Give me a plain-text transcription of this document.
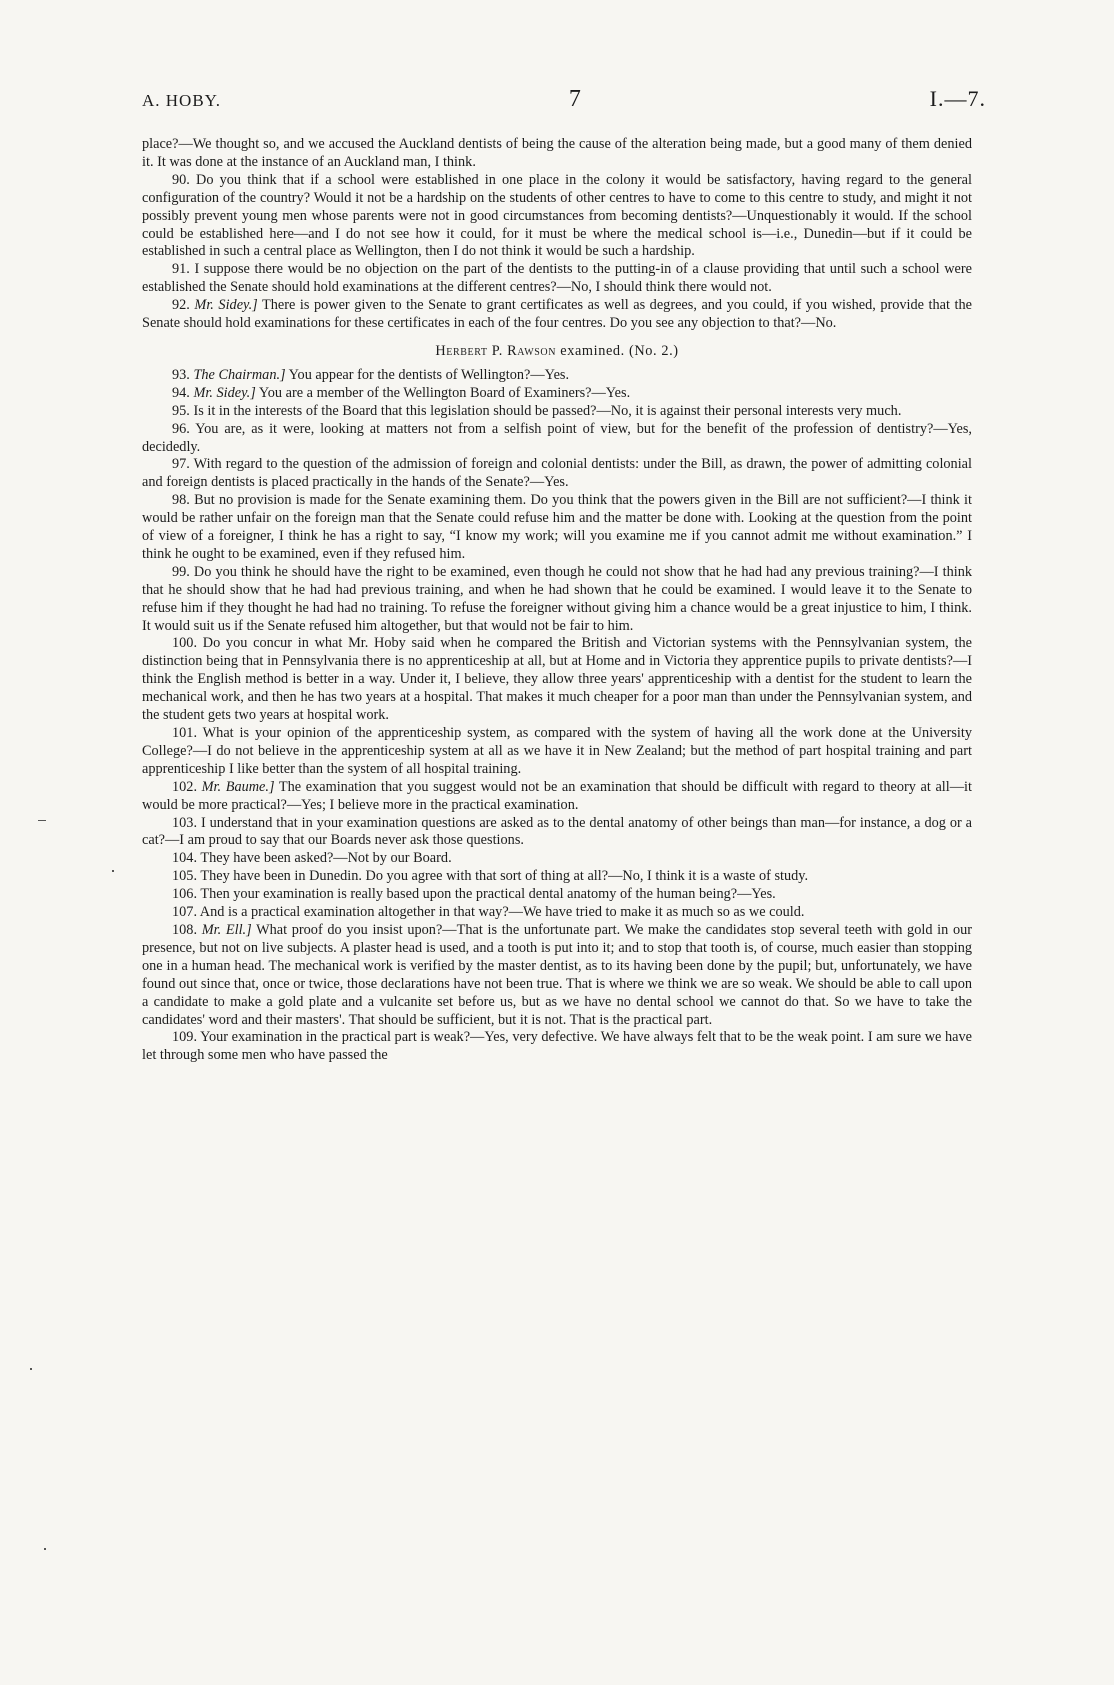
A. HOBY.	7	I.—7.

place?—We thought so, and we accused the Auckland dentists of being the cause of the alteration being made, but a good many of them denied it. It was done at the instance of an Auckland man, I think.

90. Do you think that if a school were established in one place in the colony it would be satisfactory, having regard to the general configuration of the country? Would it not be a hardship on the students of other centres to have to come to this centre to study, and might it not possibly prevent young men whose parents were not in good circumstances from becoming dentists?—Unquestionably it would. If the school could be established here—and I do not see how it could, for it must be where the medical school is—i.e., Dunedin—but if it could be established in such a central place as Wellington, then I do not think it would be such a hardship.

91. I suppose there would be no objection on the part of the dentists to the putting-in of a clause providing that until such a school were established the Senate should hold examinations at the different centres?—No, I should think there would not.

92. Mr. Sidey.] There is power given to the Senate to grant certificates as well as degrees, and you could, if you wished, provide that the Senate should hold examinations for these certificates in each of the four centres. Do you see any objection to that?—No.

Herbert P. Rawson examined. (No. 2.)

93. The Chairman.] You appear for the dentists of Wellington?—Yes.

94. Mr. Sidey.] You are a member of the Wellington Board of Examiners?—Yes.

95. Is it in the interests of the Board that this legislation should be passed?—No, it is against their personal interests very much.

96. You are, as it were, looking at matters not from a selfish point of view, but for the benefit of the profession of dentistry?—Yes, decidedly.

97. With regard to the question of the admission of foreign and colonial dentists: under the Bill, as drawn, the power of admitting colonial and foreign dentists is placed practically in the hands of the Senate?—Yes.

98. But no provision is made for the Senate examining them. Do you think that the powers given in the Bill are not sufficient?—I think it would be rather unfair on the foreign man that the Senate could refuse him and the matter be done with. Looking at the question from the point of view of a foreigner, I think he has a right to say, “I know my work; will you examine me if you cannot admit me without examination.” I think he ought to be examined, even if they refused him.

99. Do you think he should have the right to be examined, even though he could not show that he had had any previous training?—I think that he should show that he had had previous training, and when he had shown that he could be examined. I would leave it to the Senate to refuse him if they thought he had had no training. To refuse the foreigner without giving him a chance would be a great injustice to him, I think. It would suit us if the Senate refused him altogether, but that would not be fair to him.

100. Do you concur in what Mr. Hoby said when he compared the British and Victorian systems with the Pennsylvanian system, the distinction being that in Pennsylvania there is no apprenticeship at all, but at Home and in Victoria they apprentice pupils to private dentists?—I think the English method is better in a way. Under it, I believe, they allow three years' apprenticeship with a dentist for the student to learn the mechanical work, and then he has two years at a hospital. That makes it much cheaper for a poor man than under the Pennsylvanian system, and the student gets two years at hospital work.

101. What is your opinion of the apprenticeship system, as compared with the system of having all the work done at the University College?—I do not believe in the apprenticeship system at all as we have it in New Zealand; but the method of part hospital training and part apprenticeship I like better than the system of all hospital training.

102. Mr. Baume.] The examination that you suggest would not be an examination that should be difficult with regard to theory at all—it would be more practical?—Yes; I believe more in the practical examination.

103. I understand that in your examination questions are asked as to the dental anatomy of other beings than man—for instance, a dog or a cat?—I am proud to say that our Boards never ask those questions.

104. They have been asked?—Not by our Board.

105. They have been in Dunedin. Do you agree with that sort of thing at all?—No, I think it is a waste of study.

106. Then your examination is really based upon the practical dental anatomy of the human being?—Yes.

107. And is a practical examination altogether in that way?—We have tried to make it as much so as we could.

108. Mr. Ell.] What proof do you insist upon?—That is the unfortunate part. We make the candidates stop several teeth with gold in our presence, but not on live subjects. A plaster head is used, and a tooth is put into it; and to stop that tooth is, of course, much easier than stopping one in a human head. The mechanical work is verified by the master dentist, as to its having been done by the pupil; but, unfortunately, we have found out since that, once or twice, those declarations have not been true. That is where we think we are so weak. We should be able to call upon a candidate to make a gold plate and a vulcanite set before us, but as we have no dental school we cannot do that. So we have to take the candidates' word and their masters'. That should be sufficient, but it is not. That is the practical part.

109. Your examination in the practical part is weak?—Yes, very defective. We have always felt that to be the weak point. I am sure we have let through some men who have passed the
